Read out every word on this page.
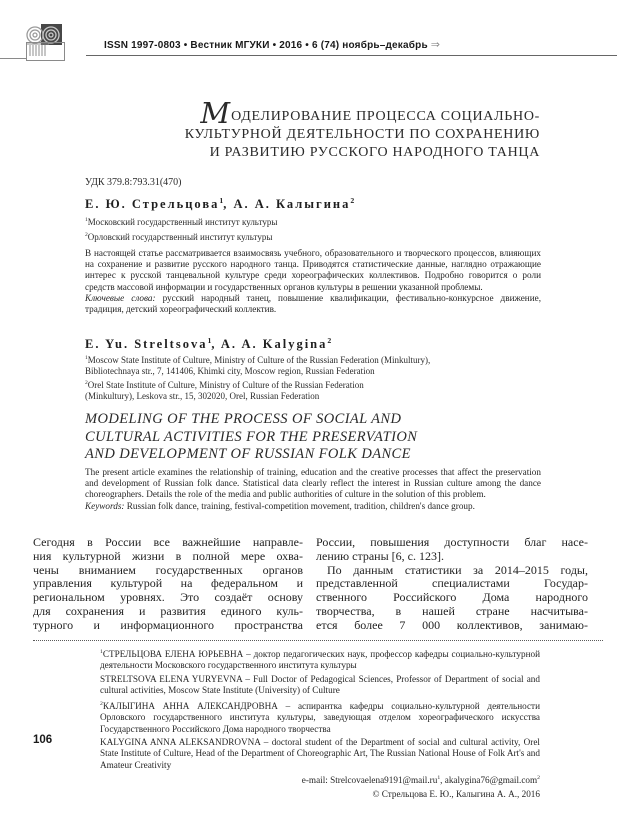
ISSN 1997-0803 • Вестник МГУКИ • 2016 • 6 (74) ноябрь–декабрь ⇒
МОДЕЛИРОВАНИЕ ПРОЦЕССА СОЦИАЛЬНО-
КУЛЬТУРНОЙ ДЕЯТЕЛЬНОСТИ ПО СОХРАНЕНИЮ
И РАЗВИТИЮ РУССКОГО НАРОДНОГО ТАНЦА
УДК 379.8:793.31(470)
Е. Ю. Стрельцова$^1$, А. А. Калыгина$^2$
$^1$Московский государственный институт культуры
$^2$Орловский государственный институт культуры
В настоящей статье рассматривается взаимосвязь учебного, образовательного и творческого процессов, влияющих на сохранение и развитие русского народного танца. Приводятся статистические данные, наглядно отражающие интерес к русской танцевальной культуре среди хореографических коллективов. Подробно говорится о роли средств массовой информации и государственных органов культуры в решении указанной проблемы.
Ключевые слова: русский народный танец, повышение квалификации, фестивально-конкурсное движение, традиция, детский хореографический коллектив.
E. Yu. Streltsova$^1$, A. A. Kalygina$^2$
$^1$Moscow State Institute of Culture, Ministry of Culture of the Russian Federation (Minkultury),
Bibliotechnaya str., 7, 141406, Khimki city, Moscow region, Russian Federation
$^2$Orel State Institute of Culture, Ministry of Culture of the Russian Federation
(Minkultury), Leskova str., 15, 302020, Orel, Russian Federation
MODELING OF THE PROCESS OF SOCIAL AND
CULTURAL ACTIVITIES FOR THE PRESERVATION
AND DEVELOPMENT OF RUSSIAN FOLK DANCE
The present article examines the relationship of training, education and the creative processes that affect the preservation and development of Russian folk dance. Statistical data clearly reflect the interest in Russian culture among the dance choreographers. Details the role of the media and public authorities of culture in the solution of this problem.
Keywords: Russian folk dance, training, festival-competition movement, tradition, children's dance group.
Сегодня в России все важнейшие направле-
ния культурной жизни в полной мере охва-
чены вниманием государственных органов
управления культурой на федеральном и
региональном уровнях. Это создаёт основу
для сохранения и развития единого куль-
турного и информационного пространства
России, повышения доступности благ насе-
лению страны [6, с. 123].
По данным статистики за 2014–2015 годы,
представленной специалистами Государ-
ственного Российского Дома народного
творчества, в нашей стране насчитыва-
ется более 7 000 коллективов, занимаю-

$^1$СТРЕЛЬЦОВА ЕЛЕНА ЮРЬЕВНА – доктор педагогических наук, профессор кафедры социально-культурной деятельности Московского государственного института культуры

STRELTSOVA ELENA YURYEVNA – Full Doctor of Pedagogical Sciences, Professor of Department of social and cultural activities, Moscow State Institute (University) of Culture

$^2$КАЛЫГИНА АННА АЛЕКСАНДРОВНА – аспирантка кафедры социально-культурной деятельности Орловского государственного института культуры, заведующая отделом хореографического искусства Государственного Российского Дома народного творчества

KALYGINA ANNA ALEKSANDROVNA – doctoral student of the Department of social and cultural activity, Orel State Institute of Culture, Head of the Department of Choreographic Art, The Russian National House of Folk Art's and Amateur Creativity

e-mail: $Strelcovaelena9191@mail.ru^1$, akalygina76@gmail.com$^2$

© Стрельцова Е. Ю., Калыгина А. А., 2016

106
